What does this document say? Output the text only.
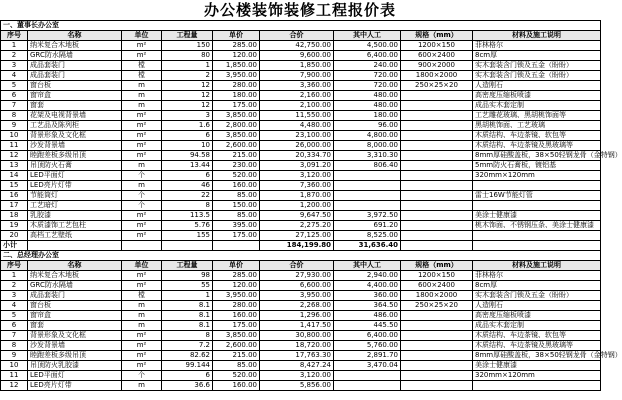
办公楼装饰装修工程报价表
一、董事长办公室								
序号	名称	单位	工程量	单价	合价	其中人工	规格（mm）	材料及施工说明
1	纳米复合木地板	m²	150	285.00	42,750.00	4,500.00	1200×150	菲林格尔
2	GRC防水隔墙	m²	80	120.00	9,600.00	6,400.00	600×2400	8cm厚
3	成品套装门	樘	1	1,850.00	1,850.00	240.00	900×2000	实木套装含门锁及五金（盼盼）
4	成品套装门	樘	2	3,950.00	7,900.00	720.00	1800×2000	实木套装含门锁及五金（盼盼）
5	窗台板	m	12	280.00	3,360.00	720.00	250×25×20	人造刚石
6	窗帘盒	m	12	180.00	2,160.00	480.00		高密度压缩板喷漆
7	窗套	m	12	175.00	2,100.00	480.00		成品实木套定制
8	花架及电视背景墙	m²	3	3,850.00	11,550.00	180.00		工艺雕花玻璃、黑胡桃饰面等
9	工艺品及陈列柜	m²	1.6	2,800.00	4,480.00	96.00		黑胡桃饰面、工艺玻璃
10	背景形象及文化框	m²	6	3,850.00	23,100.00	4,800.00		木质结构、车边茶镜、软包等
11	沙发背景墙	m²	10	2,600.00	26,000.00	8,000.00		木质结构、车边茶镜及黑玻璃等
12	睦跑差板多级吊顶	m²	94.58	215.00	20,334.70	3,310.30		8mm厚硅酸盖板，38×50轻钢龙骨（金特钢）
13	吊顶防火石膏	m	13.44	230.00	3,091.20	806.40		5mm防火石膏板，镀铝基
14	LED平面灯	个	6	520.00	3,120.00			320mm×120mm
15	LED亮片灯带	m	46	160.00	7,360.00			
16	节能筒灯	个	22	85.00	1,870.00			雷士16W节能灯管
17	工艺暗灯	个	8	150.00	1,200.00			
18	乳胶漆	m²	113.5	85.00	9,647.50	3,972.50		美涂士健康漆
19	木质漆饰工艺包柱	m²	5.76	395.00	2,275.20	691.20		桃木饰面、不锈钢压条、美涂士健康漆
20	高档工艺壁纸	m²	155	175.00	27,125.00	8,525.00		
小计					184,199.80	31,636.40		
二、总经理办公室								
序号	名称	单位	工程量	单价	合价	其中人工	规格（mm）	材料及施工说明
1	纳米复合木地板	m²	98	285.00	27,930.00	2,940.00	1200×150	菲林格尔
2	GRC防水隔墙	m²	55	120.00	6,600.00	4,400.00	600×2400	8cm厚
3	成品套装门	樘	1	3,950.00	3,950.00	360.00	1800×2000	实木套装含门锁及五金（盼盼）
4	窗台板	m	8.1	280.00	2,268.00	364.50	250×25×20	人造刚石
5	窗帘盒	m	8.1	160.00	1,296.00	486.00		高密度压缩板喷漆
6	窗套	m	8.1	175.00	1,417.50	445.50		成品实木套定制
7	背景形象及文化框	m²	8	3,850.00	30,800.00	6,400.00		木质结构、车边茶镜、软包等
8	沙发背景墙	m²	7.2	2,600.00	18,720.00	5,760.00		木质结构、车边茶镜及黑玻璃等
9	睦跑差板多级吊顶	m²	82.62	215.00	17,763.30	2,891.70		8mm厚硅酸盖板，38×50轻钢龙骨（金特钢）
10	吊顶防火乳胶漆	m²	99.144	85.00	8,427.24	3,470.04		美涂士健康漆
11	LED平面灯	个	6	520.00	3,120.00			320mm×120mm
12	LED亮片灯带	m	36.6	160.00	5,856.00			
